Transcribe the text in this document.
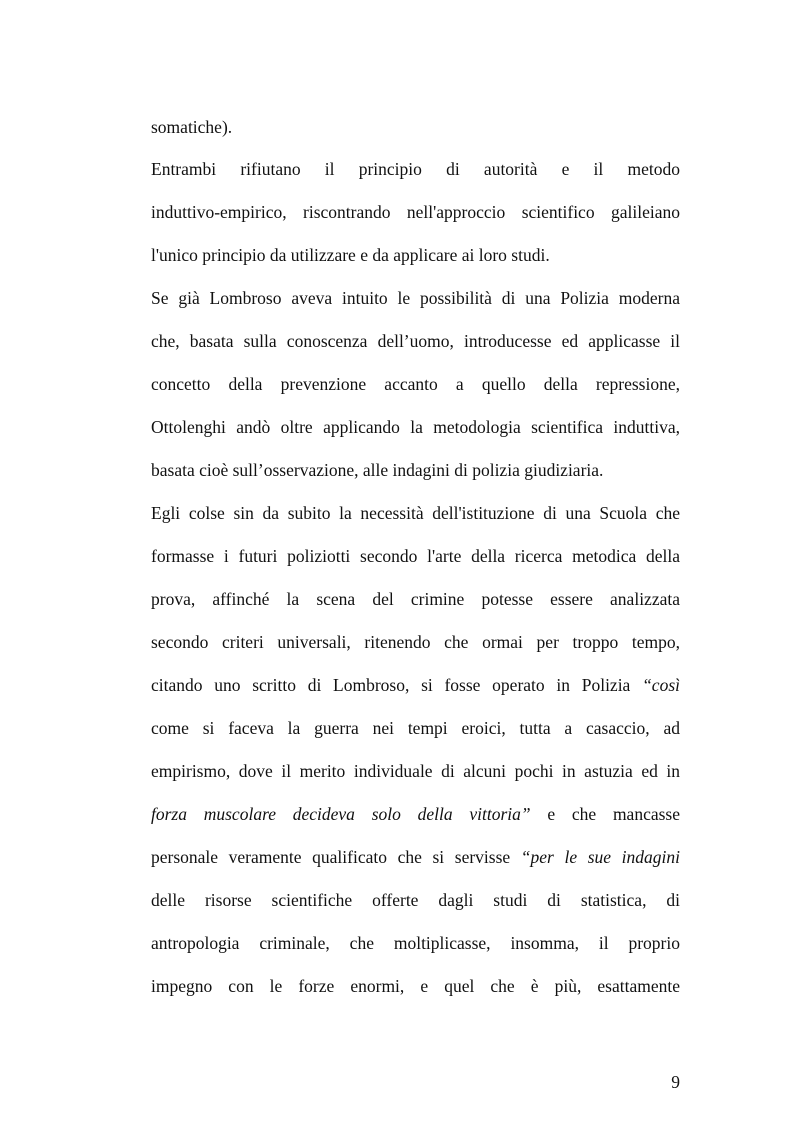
somatiche).
Entrambi rifiutano il principio di autorità e il metodo
induttivo-empirico, riscontrando nell'approccio scientifico galileiano
l'unico principio da utilizzare e da applicare ai loro studi.
Se già Lombroso aveva intuito le possibilità di una Polizia moderna
che, basata sulla conoscenza dell’uomo, introducesse ed applicasse il
concetto della prevenzione accanto a quello della repressione,
Ottolenghi andò oltre applicando la metodologia scientifica induttiva,
basata cioè sull’osservazione, alle indagini di polizia giudiziaria.
Egli colse sin da subito la necessità dell'istituzione di una Scuola che
formasse i futuri poliziotti secondo l'arte della ricerca metodica della
prova, affinché la scena del crimine potesse essere analizzata
secondo criteri universali, ritenendo che ormai per troppo tempo,
citando uno scritto di Lombroso, si fosse operato in Polizia “così
come si faceva la guerra nei tempi eroici, tutta a casaccio, ad
empirismo, dove il merito individuale di alcuni pochi in astuzia ed in
forza muscolare decideva solo della vittoria” e che mancasse
personale veramente qualificato che si servisse “per le sue indagini
delle risorse scientifiche offerte dagli studi di statistica, di
antropologia criminale, che moltiplicasse, insomma, il proprio
impegno con le forze enormi, e quel che è più, esattamente
9
